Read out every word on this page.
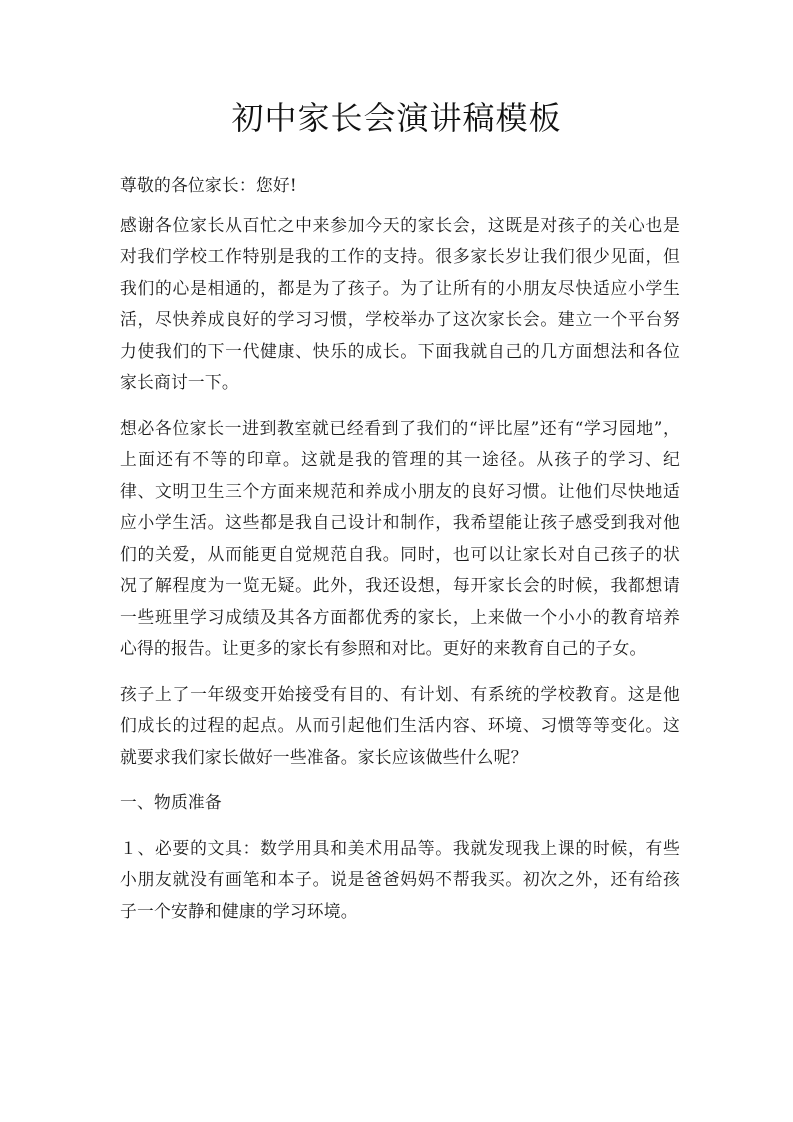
初中家长会演讲稿模板

尊敬的各位家长：您好!

感谢各位家长从百忙之中来参加今天的家长会，这既是对孩子的关心也是对我们学校工作特别是我的工作的支持。很多家长岁让我们很少见面，但我们的心是相通的，都是为了孩子。为了让所有的小朋友尽快适应小学生活，尽快养成良好的学习习惯，学校举办了这次家长会。建立一个平台努力使我们的下一代健康、快乐的成长。下面我就自己的几方面想法和各位家长商讨一下。

想必各位家长一进到教室就已经看到了我们的“评比屋”还有“学习园地”，上面还有不等的印章。这就是我的管理的其一途径。从孩子的学习、纪律、文明卫生三个方面来规范和养成小朋友的良好习惯。让他们尽快地适应小学生活。这些都是我自己设计和制作，我希望能让孩子感受到我对他们的关爱，从而能更自觉规范自我。同时，也可以让家长对自己孩子的状况了解程度为一览无疑。此外，我还设想，每开家长会的时候，我都想请一些班里学习成绩及其各方面都优秀的家长，上来做一个小小的教育培养心得的报告。让更多的家长有参照和对比。更好的来教育自己的子女。

孩子上了一年级变开始接受有目的、有计划、有系统的学校教育。这是他们成长的过程的起点。从而引起他们生活内容、环境、习惯等等变化。这就要求我们家长做好一些准备。家长应该做些什么呢？

一、物质准备

１、必要的文具：数学用具和美术用品等。我就发现我上课的时候，有些小朋友就没有画笔和本子。说是爸爸妈妈不帮我买。初次之外，还有给孩子一个安静和健康的学习环境。
